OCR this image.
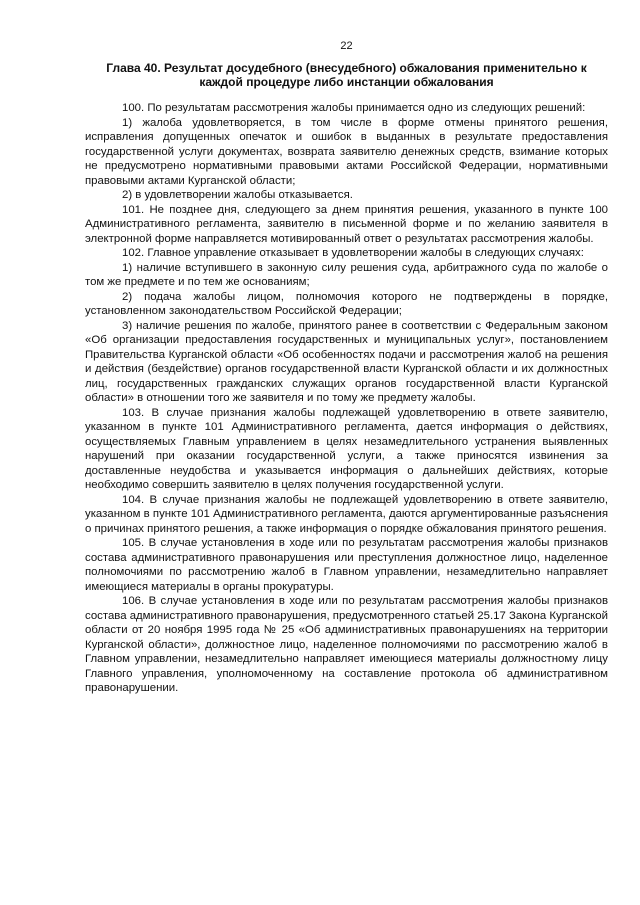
22
Глава 40. Результат досудебного (внесудебного) обжалования применительно к
каждой процедуре либо инстанции обжалования

100. По результатам рассмотрения жалобы принимается одно из следующих решений:

1) жалоба удовлетворяется, в том числе в форме отмены принятого решения, исправления допущенных опечаток и ошибок в выданных в результате предоставления государственной услуги документах, возврата заявителю денежных средств, взимание которых не предусмотрено нормативными правовыми актами Российской Федерации, нормативными правовыми актами Курганской области;

2) в удовлетворении жалобы отказывается.

101. Не позднее дня, следующего за днем принятия решения, указанного в пункте 100 Административного регламента, заявителю в письменной форме и по желанию заявителя в электронной форме направляется мотивированный ответ о результатах рассмотрения жалобы.

102. Главное управление отказывает в удовлетворении жалобы в следующих случаях:

1) наличие вступившего в законную силу решения суда, арбитражного суда по жалобе о том же предмете и по тем же основаниям;

2) подача жалобы лицом, полномочия которого не подтверждены в порядке, установленном законодательством Российской Федерации;

3) наличие решения по жалобе, принятого ранее в соответствии с Федеральным законом «Об организации предоставления государственных и муниципальных услуг», постановлением Правительства Курганской области «Об особенностях подачи и рассмотрения жалоб на решения и действия (бездействие) органов государственной власти Курганской области и их должностных лиц, государственных гражданских служащих органов государственной власти Курганской области» в отношении того же заявителя и по тому же предмету жалобы.

103. В случае признания жалобы подлежащей удовлетворению в ответе заявителю, указанном в пункте 101 Административного регламента, дается информация о действиях, осуществляемых Главным управлением в целях незамедлительного устранения выявленных нарушений при оказании государственной услуги, а также приносятся извинения за доставленные неудобства и указывается информация о дальнейших действиях, которые необходимо совершить заявителю в целях получения государственной услуги.

104. В случае признания жалобы не подлежащей удовлетворению в ответе заявителю, указанном в пункте 101 Административного регламента, даются аргументированные разъяснения о причинах принятого решения, а также информация о порядке обжалования принятого решения.

105. В случае установления в ходе или по результатам рассмотрения жалобы признаков состава административного правонарушения или преступления должностное лицо, наделенное полномочиями по рассмотрению жалоб в Главном управлении, незамедлительно направляет имеющиеся материалы в органы прокуратуры.

106. В случае установления в ходе или по результатам рассмотрения жалобы признаков состава административного правонарушения, предусмотренного статьей 25.17 Закона Курганской области от 20 ноября 1995 года № 25 «Об административных правонарушениях на территории Курганской области», должностное лицо, наделенное полномочиями по рассмотрению жалоб в Главном управлении, незамедлительно направляет имеющиеся материалы должностному лицу Главного управления, уполномоченному на составление протокола об административном правонарушении.
